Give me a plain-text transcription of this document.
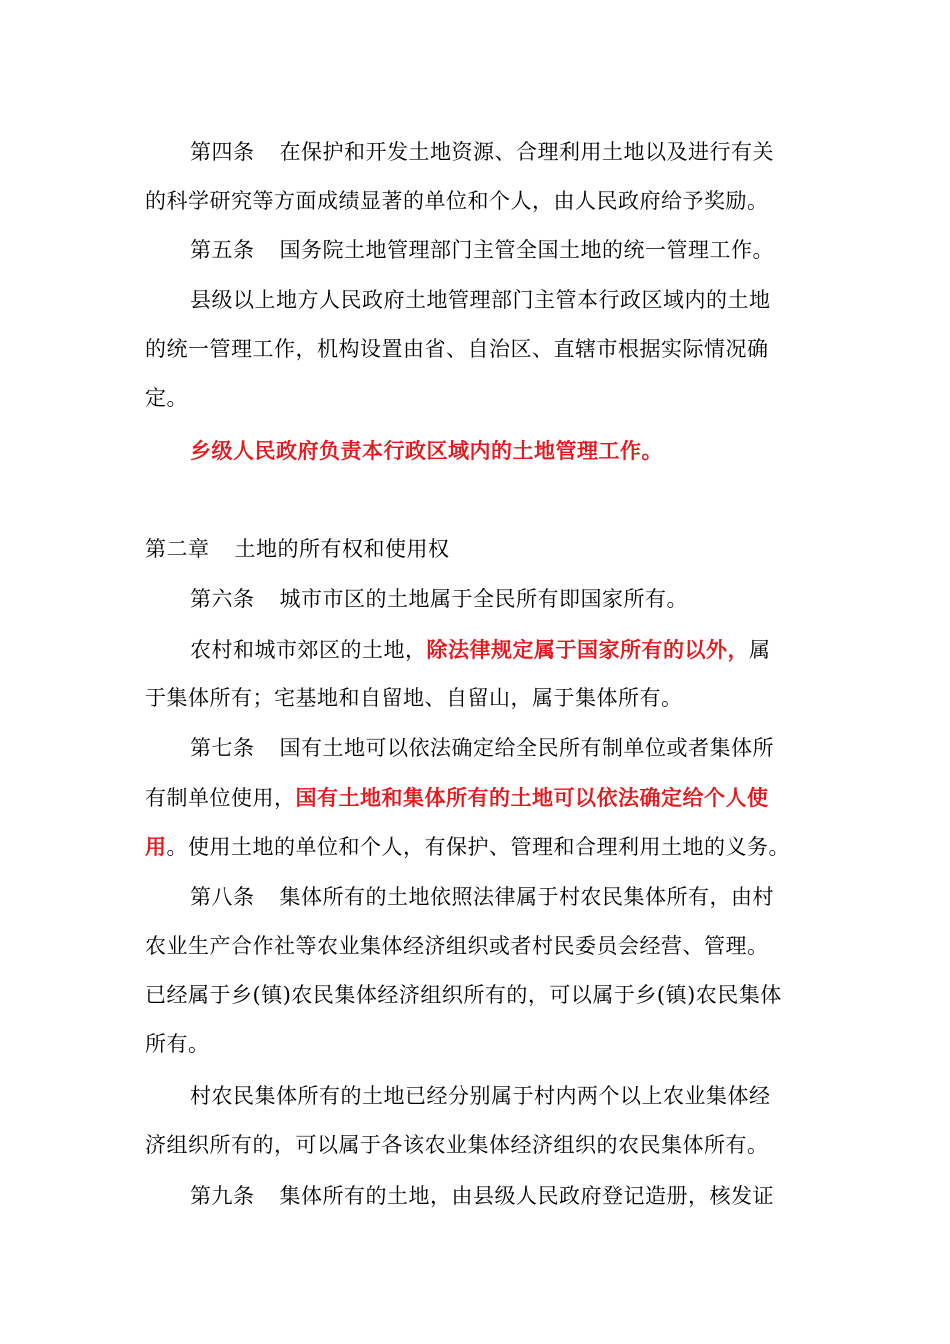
第四条 在保护和开发土地资源、合理利用土地以及进行有关
的科学研究等方面成绩显著的单位和个人，由人民政府给予奖励。
第五条 国务院土地管理部门主管全国土地的统一管理工作。
县级以上地方人民政府土地管理部门主管本行政区域内的土地
的统一管理工作，机构设置由省、自治区、直辖市根据实际情况确
定。
乡级人民政府负责本行政区域内的土地管理工作。
第二章 土地的所有权和使用权
第六条 城市市区的土地属于全民所有即国家所有。
农村和城市郊区的土地，除法律规定属于国家所有的以外，属
于集体所有；宅基地和自留地、自留山，属于集体所有。
第七条 国有土地可以依法确定给全民所有制单位或者集体所
有制单位使用，国有土地和集体所有的土地可以依法确定给个人使
用。使用土地的单位和个人，有保护、管理和合理利用土地的义务。
第八条 集体所有的土地依照法律属于村农民集体所有，由村
农业生产合作社等农业集体经济组织或者村民委员会经营、管理。
已经属于乡(镇)农民集体经济组织所有的，可以属于乡(镇)农民集体
所有。
村农民集体所有的土地已经分别属于村内两个以上农业集体经
济组织所有的，可以属于各该农业集体经济组织的农民集体所有。
第九条 集体所有的土地，由县级人民政府登记造册，核发证
